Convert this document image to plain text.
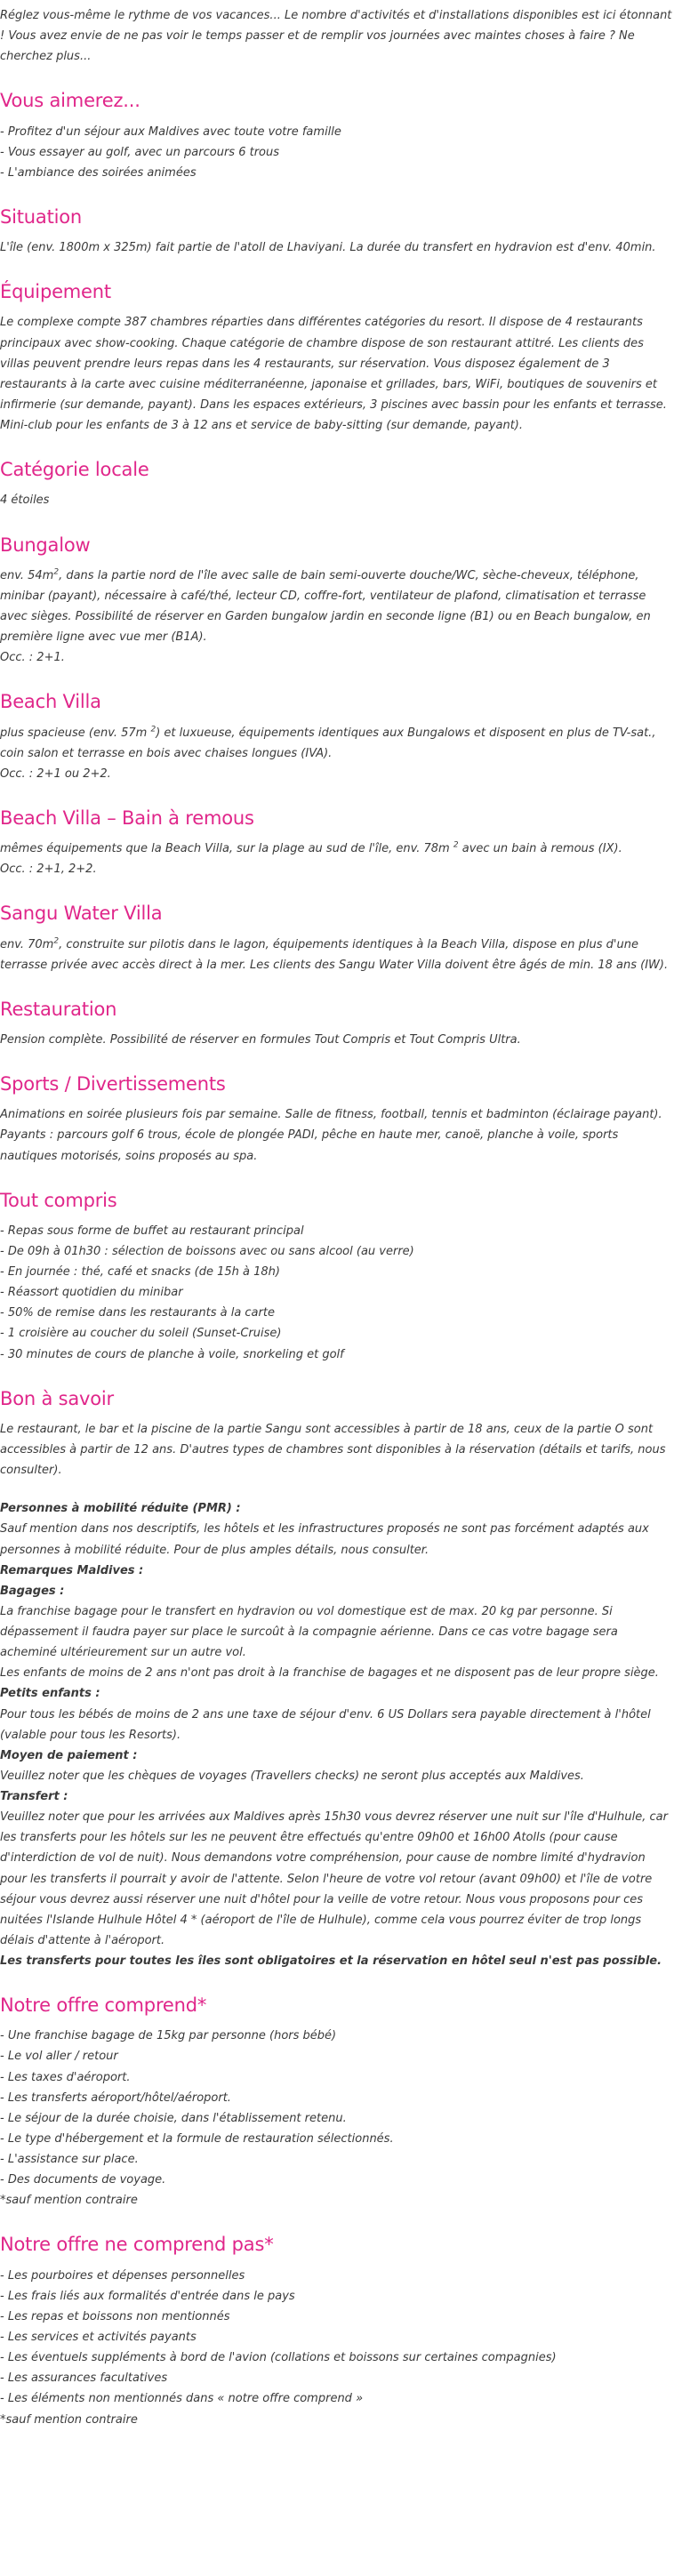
Réglez vous-même le rythme de vos vacances... Le nombre d'activités et d'installations disponibles est ici étonnant ! Vous avez envie de ne pas voir le temps passer et de remplir vos journées avec maintes choses à faire ? Ne cherchez plus...

Vous aimerez...
- Profitez d'un séjour aux Maldives avec toute votre famille
- Vous essayer au golf, avec un parcours 6 trous
- L'ambiance des soirées animées
Situation

L'île (env. 1800m x 325m) fait partie de l'atoll de Lhaviyani. La durée du transfert en hydravion est d'env. 40min.

Équipement

Le complexe compte 387 chambres réparties dans différentes catégories du resort. Il dispose de 4 restaurants principaux avec show-cooking. Chaque catégorie de chambre dispose de son restaurant attitré. Les clients des villas peuvent prendre leurs repas dans les 4 restaurants, sur réservation. Vous disposez également de 3 restaurants à la carte avec cuisine méditerranéenne, japonaise et grillades, bars, WiFi, boutiques de souvenirs et infirmerie (sur demande, payant). Dans les espaces extérieurs, 3 piscines avec bassin pour les enfants et terrasse. Mini-club pour les enfants de 3 à 12 ans et service de baby-sitting (sur demande, payant).

Catégorie locale

4 étoiles

Bungalow

env. $54m^2$, dans la partie nord de l'île avec salle de bain semi-ouverte douche/WC, sèche-cheveux, téléphone, minibar (payant), nécessaire à café/thé, lecteur CD, coffre-fort, ventilateur de plafond, climatisation et terrasse avec sièges. Possibilité de réserver en Garden bungalow jardin en seconde ligne (B1) ou en Beach bungalow, en première ligne avec vue mer (B1A).

Occ. : 2+1.

Beach Villa

plus spacieuse (env. 57m $^2$) et luxueuse, équipements identiques aux Bungalows et disposent en plus de TV-sat., coin salon et terrasse en bois avec chaises longues (IVA).

Occ. : 2+1 ou 2+2.

Beach Villa – Bain à remous

mêmes équipements que la Beach Villa, sur la plage au sud de l'île, env. 78m $^2$ avec un bain à remous (IX).

Occ. : 2+1, 2+2.

Sangu Water Villa

env. $70m^2$, construite sur pilotis dans le lagon, équipements identiques à la Beach Villa, dispose en plus d'une terrasse privée avec accès direct à la mer. Les clients des Sangu Water Villa doivent être âgés de min. 18 ans (IW).

Restauration

Pension complète. Possibilité de réserver en formules Tout Compris et Tout Compris Ultra.

Sports / Divertissements

Animations en soirée plusieurs fois par semaine. Salle de fitness, football, tennis et badminton (éclairage payant). Payants : parcours golf 6 trous, école de plongée PADI, pêche en haute mer, canoë, planche à voile, sports nautiques motorisés, soins proposés au spa.

Tout compris
- Repas sous forme de buffet au restaurant principal
- De 09h à 01h30 : sélection de boissons avec ou sans alcool (au verre)
- En journée : thé, café et snacks (de 15h à 18h)
- Réassort quotidien du minibar
- 50% de remise dans les restaurants à la carte
- 1 croisière au coucher du soleil (Sunset-Cruise)
- 30 minutes de cours de planche à voile, snorkeling et golf
Bon à savoir

Le restaurant, le bar et la piscine de la partie Sangu sont accessibles à partir de 18 ans, ceux de la partie O sont accessibles à partir de 12 ans. D'autres types de chambres sont disponibles à la réservation (détails et tarifs, nous consulter).

Personnes à mobilité réduite (PMR) :

Sauf mention dans nos descriptifs, les hôtels et les infrastructures proposés ne sont pas forcément adaptés aux personnes à mobilité réduite. Pour de plus amples détails, nous consulter.

Remarques Maldives :
Bagages :

La franchise bagage pour le transfert en hydravion ou vol domestique est de max. 20 kg par personne. Si dépassement il faudra payer sur place le surcoût à la compagnie aérienne. Dans ce cas votre bagage sera acheminé ultérieurement sur un autre vol.

Les enfants de moins de 2 ans n'ont pas droit à la franchise de bagages et ne disposent pas de leur propre siège.

Petits enfants :

Pour tous les bébés de moins de 2 ans une taxe de séjour d'env. 6 US Dollars sera payable directement à l'hôtel (valable pour tous les Resorts).

Moyen de paiement :

Veuillez noter que les chèques de voyages (Travellers checks) ne seront plus acceptés aux Maldives.

Transfert :

Veuillez noter que pour les arrivées aux Maldives après 15h30 vous devrez réserver une nuit sur l'île d'Hulhule, car les transferts pour les hôtels sur les ne peuvent être effectués qu'entre 09h00 et 16h00 Atolls (pour cause d'interdiction de vol de nuit). Nous demandons votre compréhension, pour cause de nombre limité d'hydravion pour les transferts il pourrait y avoir de l'attente. Selon l'heure de votre vol retour (avant 09h00) et l'île de votre séjour vous devrez aussi réserver une nuit d'hôtel pour la veille de votre retour. Nous vous proposons pour ces nuitées l'Islande Hulhule Hôtel 4 * (aéroport de l'île de Hulhule), comme cela vous pourrez éviter de trop longs délais d'attente à l'aéroport.

Les transferts pour toutes les îles sont obligatoires et la réservation en hôtel seul n'est pas possible.

Notre offre comprend*
- Une franchise bagage de 15kg par personne (hors bébé)
- Le vol aller / retour
- Les taxes d'aéroport.
- Les transferts aéroport/hôtel/aéroport.
- Le séjour de la durée choisie, dans l'établissement retenu.
- Le type d'hébergement et la formule de restauration sélectionnés.
- L'assistance sur place.
- Des documents de voyage.
*sauf mention contraire
Notre offre ne comprend pas*
- Les pourboires et dépenses personnelles
- Les frais liés aux formalités d'entrée dans le pays
- Les repas et boissons non mentionnés
- Les services et activités payants
- Les éventuels suppléments à bord de l'avion (collations et boissons sur certaines compagnies)
- Les assurances facultatives
- Les éléments non mentionnés dans « notre offre comprend »
*sauf mention contraire
